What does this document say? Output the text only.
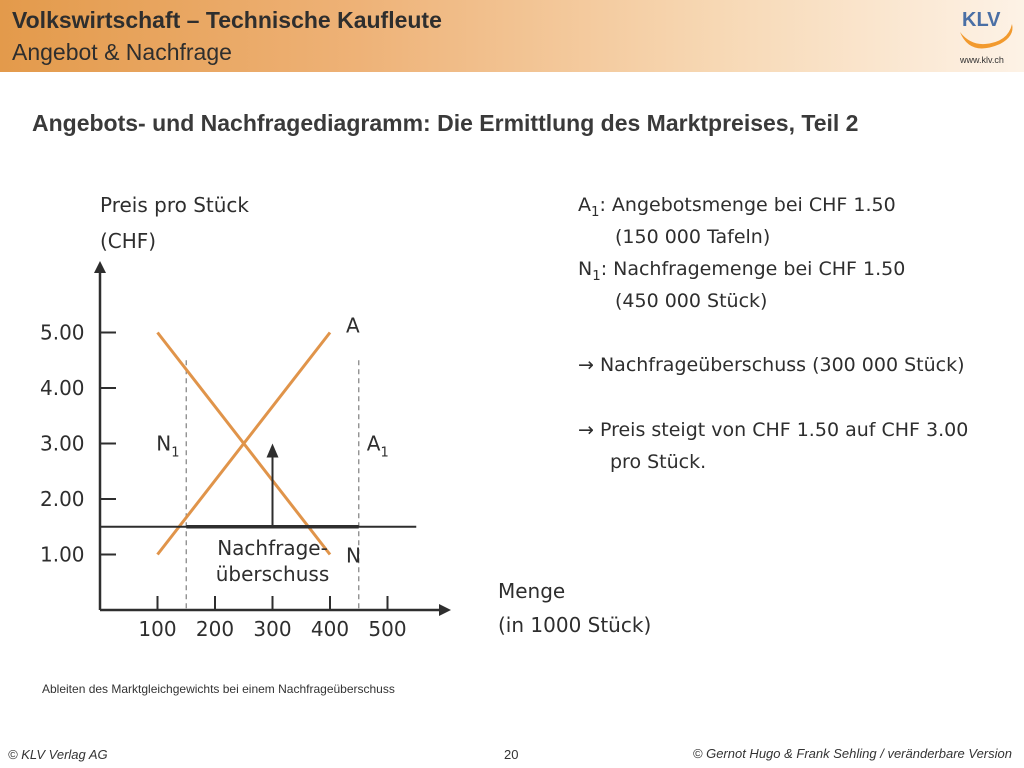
Volkswirtschaft – Technische Kaufleute
Angebot & Nachfrage
KLV
www.klv.ch
Angebots- und Nachfragediagramm: Die Ermittlung des Marktpreises, Teil 2
Preis pro Stück
(CHF)
Menge
(in 1000 Stück)
100 200 300 400 500
1.00
2.00
3.00
4.00
5.00	A
N
$N_1$	$A_1$
Nachfrage-
überschuss
$A_1$: Angebotsmenge bei CHF 1.50
(150 000 Tafeln)
$N_1$: Nachfragemenge bei CHF 1.50
(450 000 Stück)
→ Nachfrageüberschuss (300 000 Stück)
→ Preis steigt von CHF 1.50 auf CHF 3.00
pro Stück.
Ableiten des Marktgleichgewichts bei einem Nachfrageüberschuss
© KLV Verlag AG	20	© Gernot Hugo & Frank Sehling / veränderbare Version
